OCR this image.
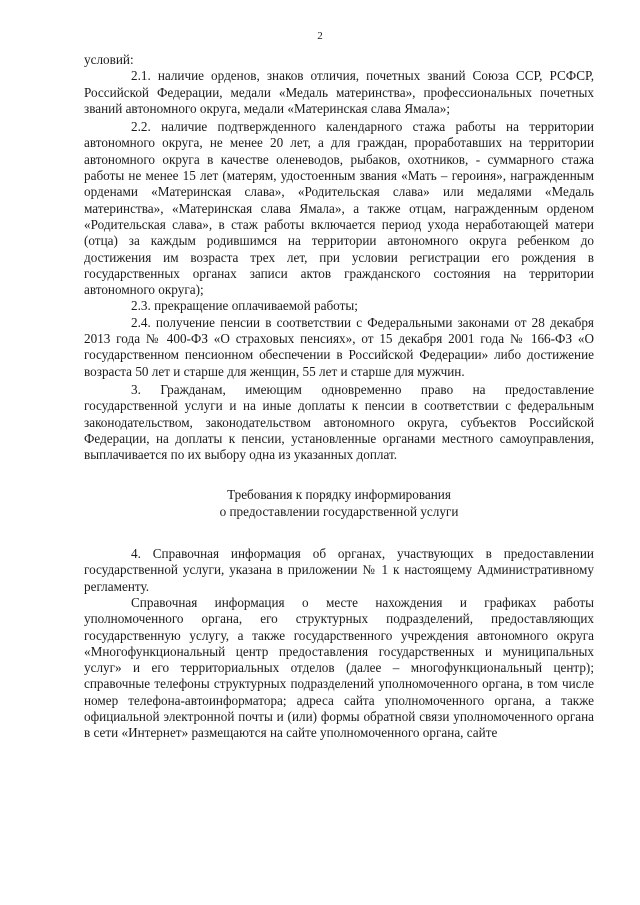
2

условий:

2.1. наличие орденов, знаков отличия, почетных званий Союза ССР, РСФСР, Российской Федерации, медали «Медаль материнства», профессиональных почетных званий автономного округа, медали «Материнская слава Ямала»;

2.2. наличие подтвержденного календарного стажа работы на территории автономного округа, не менее 20 лет, а для граждан, проработавших на территории автономного округа в качестве оленеводов, рыбаков, охотников, - суммарного стажа работы не менее 15 лет (матерям, удостоенным звания «Мать – героиня», награжденным орденами «Материнская слава», «Родительская слава» или медалями «Медаль материнства», «Материнская слава Ямала», а также отцам, награжденным орденом «Родительская слава», в стаж работы включается период ухода неработающей матери (отца) за каждым родившимся на территории автономного округа ребенком до достижения им возраста трех лет, при условии регистрации его рождения в государственных органах записи актов гражданского состояния на территории автономного округа);

2.3. прекращение оплачиваемой работы;

2.4. получение пенсии в соответствии с Федеральными законами от 28 декабря 2013 года № 400-ФЗ «О страховых пенсиях», от 15 декабря 2001 года № 166-ФЗ «О государственном пенсионном обеспечении в Российской Федерации» либо достижение возраста 50 лет и старше для женщин, 55 лет и старше для мужчин.

3. Гражданам, имеющим одновременно право на предоставление государственной услуги и на иные доплаты к пенсии в соответствии с федеральным законодательством, законодательством автономного округа, субъектов Российской Федерации, на доплаты к пенсии, установленные органами местного самоуправления, выплачивается по их выбору одна из указанных доплат.

Требования к порядку информирования
о предоставлении государственной услуги

4. Справочная информация об органах, участвующих в предоставлении государственной услуги, указана в приложении № 1 к настоящему Административному регламенту.

Справочная информация о месте нахождения и графиках работы уполномоченного органа, его структурных подразделений, предоставляющих государственную услугу, а также государственного учреждения автономного округа «Многофункциональный центр предоставления государственных и муниципальных услуг» и его территориальных отделов (далее – многофункциональный центр); справочные телефоны структурных подразделений уполномоченного органа, в том числе номер телефона-автоинформатора; адреса сайта уполномоченного органа, а также официальной электронной почты и (или) формы обратной связи уполномоченного органа в сети «Интернет» размещаются на сайте уполномоченного органа, сайте
